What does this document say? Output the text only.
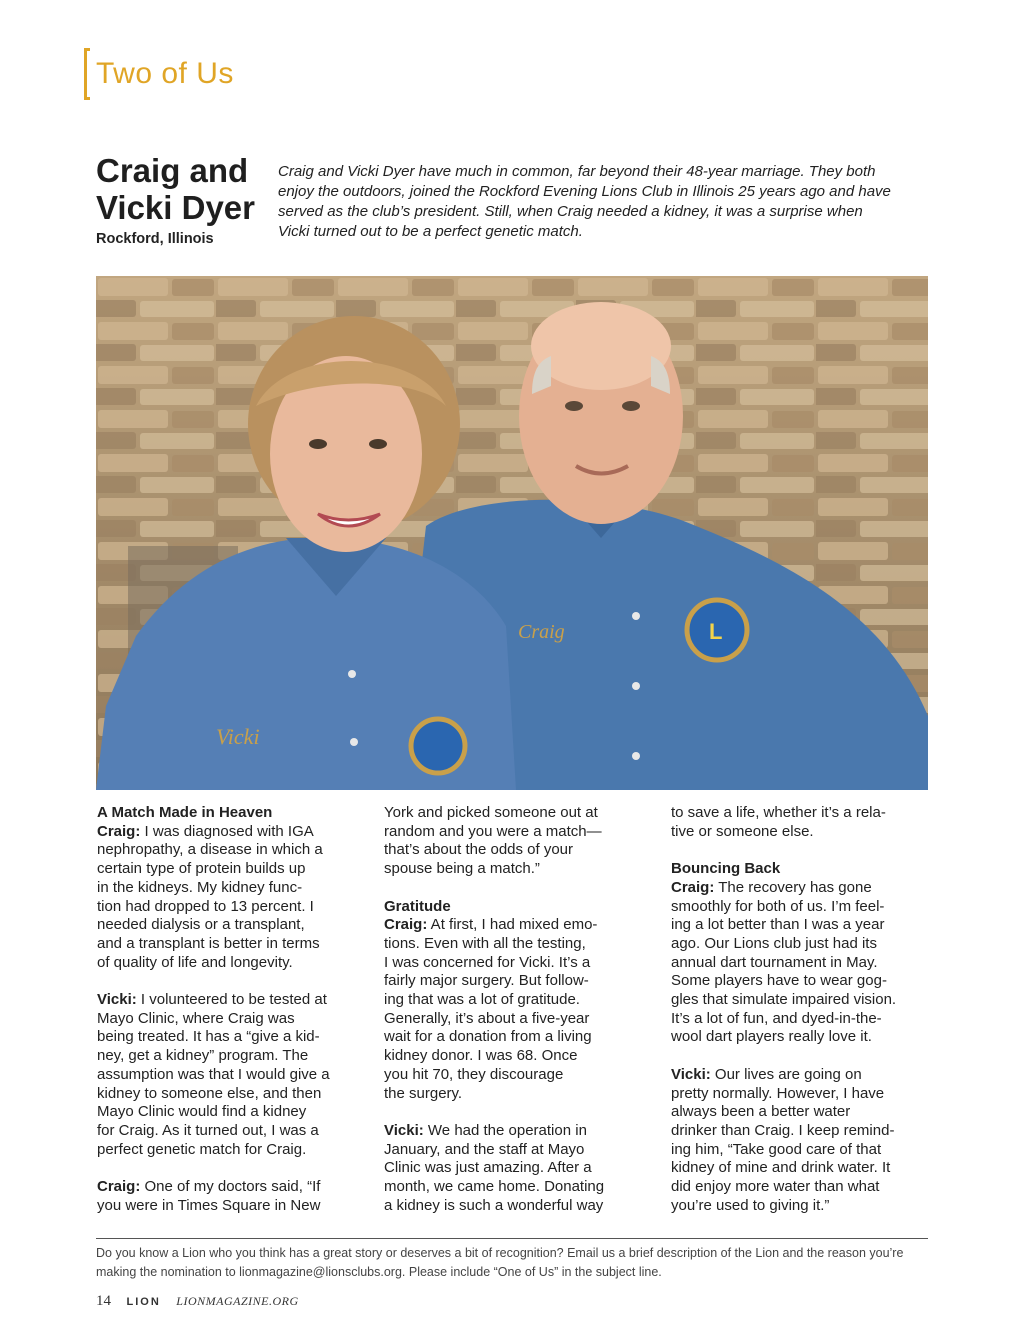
Two of Us
Craig and
Vicki Dyer
Rockford, Illinois
Craig and Vicki Dyer have much in common, far beyond their 48-year marriage. They both enjoy the outdoors, joined the Rockford Evening Lions Club in Illinois 25 years ago and have served as the club’s president. Still, when Craig needed a kidney, it was a surprise when Vicki turned out to be a perfect genetic match.
Craig	L
Vicki
A Match Made in Heaven

Craig: I was diagnosed with IGA
nephropathy, a disease in which a
certain type of protein builds up
in the kidneys. My kidney func-
tion had dropped to 13 percent. I
needed dialysis or a transplant,
and a transplant is better in terms
of quality of life and longevity.

Vicki: I volunteered to be tested at
Mayo Clinic, where Craig was
being treated. It has a “give a kid-
ney, get a kidney” program. The
assumption was that I would give a
kidney to someone else, and then
Mayo Clinic would find a kidney
for Craig. As it turned out, I was a
perfect genetic match for Craig.

Craig: One of my doctors said, “If
you were in Times Square in New

York and picked someone out at
random and you were a match—
that’s about the odds of your
spouse being a match.”

Gratitude

Craig: At first, I had mixed emo-
tions. Even with all the testing,
I was concerned for Vicki. It’s a
fairly major surgery. But follow-
ing that was a lot of gratitude.
Generally, it’s about a five-year
wait for a donation from a living
kidney donor. I was 68. Once
you hit 70, they discourage
the surgery.

Vicki: We had the operation in
January, and the staff at Mayo
Clinic was just amazing. After a
month, we came home. Donating
a kidney is such a wonderful way

to save a life, whether it’s a rela-
tive or someone else.

Bouncing Back

Craig: The recovery has gone
smoothly for both of us. I’m feel-
ing a lot better than I was a year
ago. Our Lions club just had its
annual dart tournament in May.
Some players have to wear gog-
gles that simulate impaired vision.
It’s a lot of fun, and dyed-in-the-
wool dart players really love it.

Vicki: Our lives are going on
pretty normally. However, I have
always been a better water
drinker than Craig. I keep remind-
ing him, “Take good care of that
kidney of mine and drink water. It
did enjoy more water than what
you’re used to giving it.”

Do you know a Lion who you think has a great story or deserves a bit of recognition? Email us a brief description of the Lion and the reason you’re making the nomination to lionmagazine@lionsclubs.org. Please include “One of Us” in the subject line.
14 LION LIONMAGAZINE.ORG
